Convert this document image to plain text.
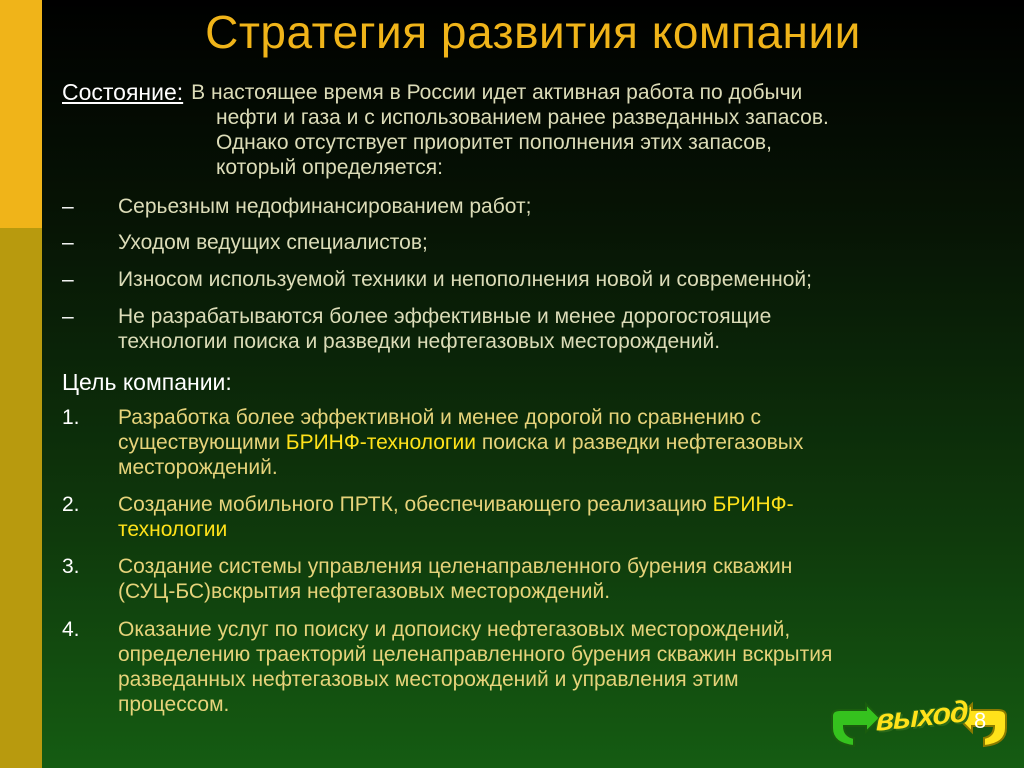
Стратегия развития компании
Состояние: В настоящее время в России идет активная работа по добычи
нефти и газа и с использованием ранее разведанных запасов.
Однако отсутствует приоритет пополнения этих запасов,
который определяется:
–	Серьезным недофинансированием работ;
–	Уходом ведущих специалистов;
–	Износом используемой техники и непополнения новой и современной;
–	Не разрабатываются более эффективные и менее дорогостоящие
технологии поиска и разведки нефтегазовых месторождений.
Цель компании:
1.	Разработка более эффективной и менее дорогой по сравнению с
существующими БРИНФ-технологии поиска и разведки нефтегазовых
месторождений.
2.	Создание мобильного ПРТК, обеспечивающего реализацию БРИНФ-
технологии
3.	Создание системы управления целенаправленного бурения скважин
(СУЦ-БС)вскрытия нефтегазовых месторождений.
4.	Оказание услуг по поиску и допоиску нефтегазовых месторождений,
определению траекторий целенаправленного бурения скважин вскрытия
разведанных нефтегазовых месторождений и управления этим
процессом.	выход 8
